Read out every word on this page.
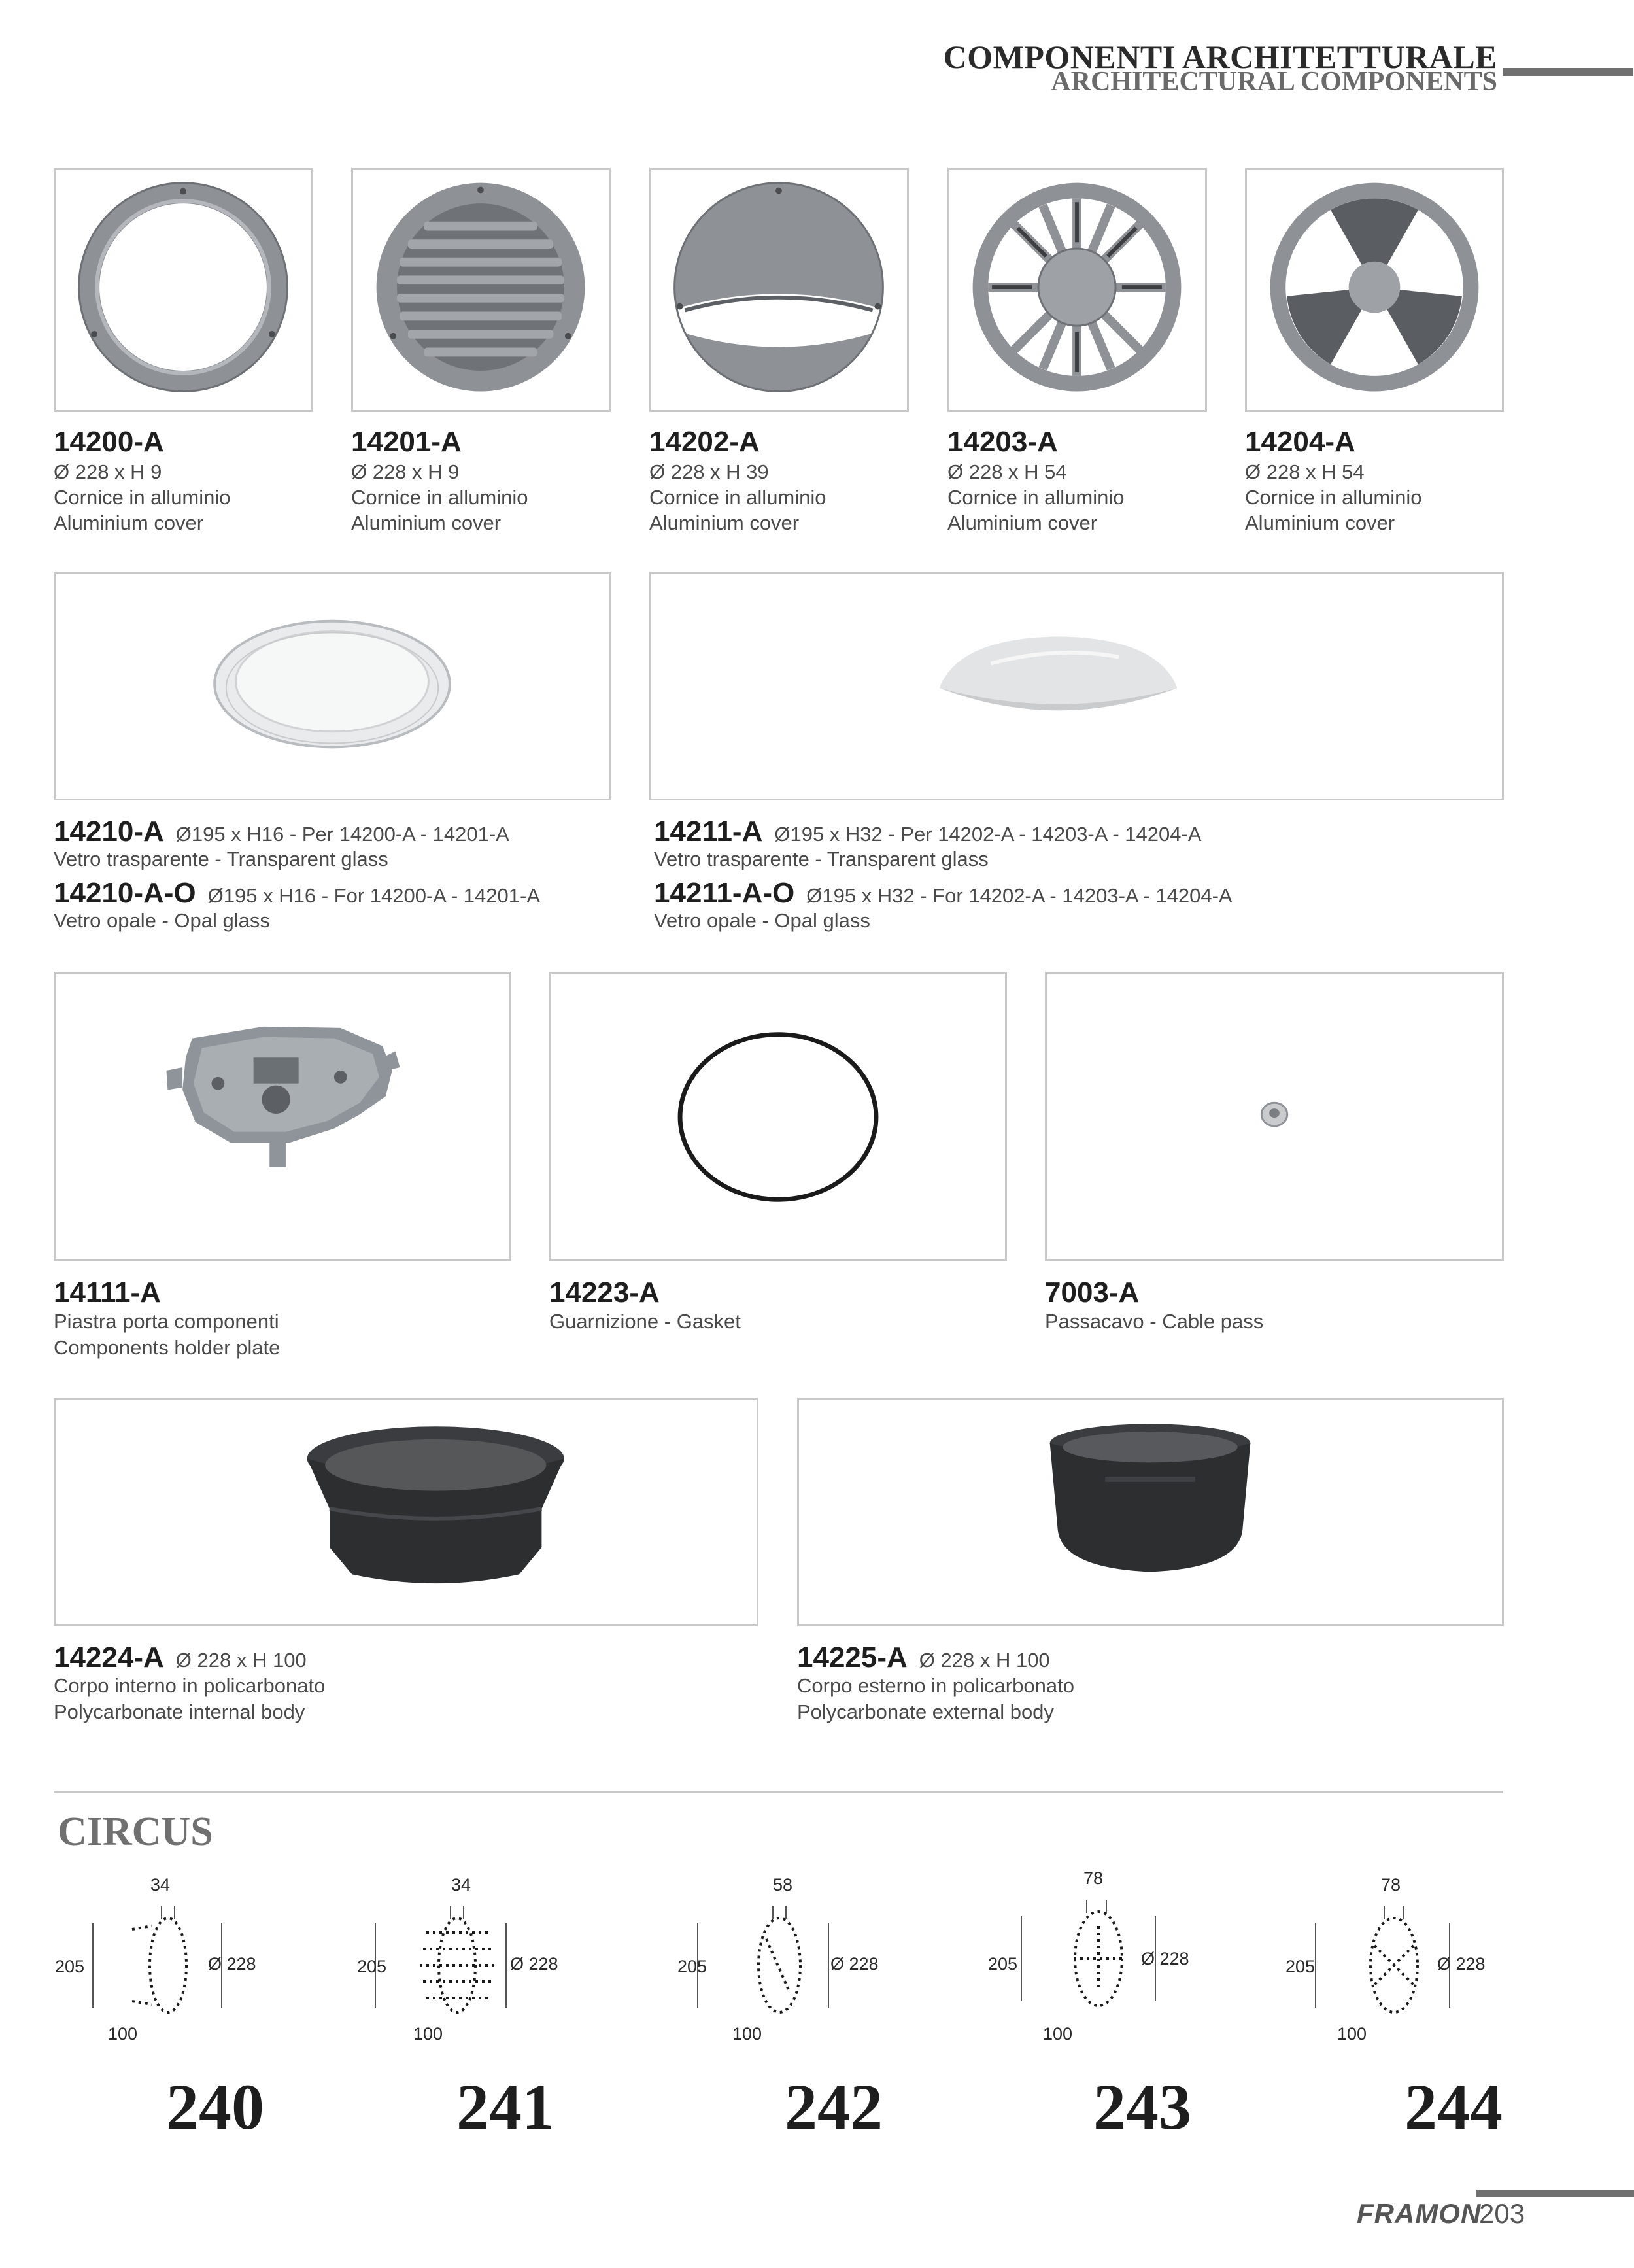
COMPONENTI ARCHITETTURALE
ARCHITECTURAL COMPONENTS
14200-A
Ø 228 x H 9
Cornice in alluminio
Aluminium cover
14201-A
Ø 228 x H 9
Cornice in alluminio
Aluminium cover
14202-A
Ø 228 x H 39
Cornice in alluminio
Aluminium cover
14203-A
Ø 228 x H 54
Cornice in alluminio
Aluminium cover
14204-A
Ø 228 x H 54
Cornice in alluminio
Aluminium cover
14210-A Ø195 x H16 - Per 14200-A - 14201-A
Vetro trasparente - Transparent glass
14210-A-O Ø195 x H16 - For 14200-A - 14201-A
Vetro opale - Opal glass
14211-A Ø195 x H32 - Per 14202-A - 14203-A - 14204-A
Vetro trasparente - Transparent glass
14211-A-O Ø195 x H32 - For 14202-A - 14203-A - 14204-A
Vetro opale - Opal glass
14111-A
Piastra porta componenti
Components holder plate
14223-A
Guarnizione - Gasket
7003-A
Passacavo - Cable pass
14224-A Ø 228 x H 100
Corpo interno in policarbonato
Polycarbonate internal body
14225-A Ø 228 x H 100
Corpo esterno in policarbonato
Polycarbonate external body
CIRCUS
34
205	Ø 228
100
34
205	Ø 228
100
58
205	Ø 228
100
78
205	Ø 228
100
78
205	Ø 228
100
240	241	242	243	244
FRAMON
203
